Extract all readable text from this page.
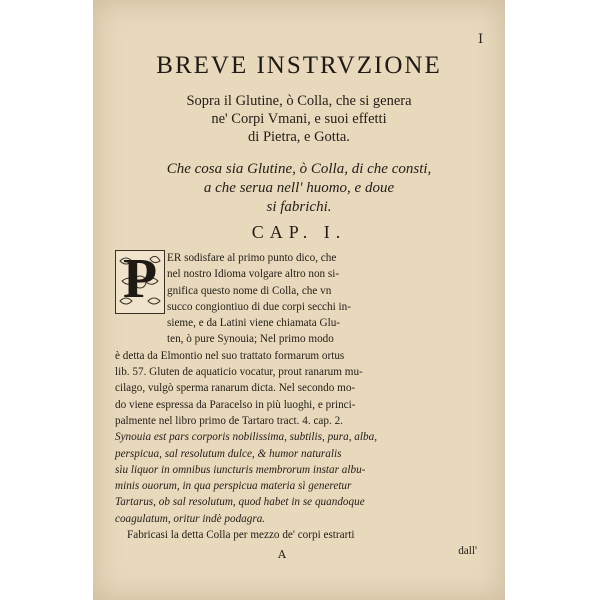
I
BREVE INSTRVZIONE
Sopra il Glutine, ò Colla, che si genera
ne' Corpi Vmani, e suoi effetti
di Pietra, e Gotta.
Che cosa sia Glutine, ò Colla, di che consti,
a che serua nell' huomo, e doue
si fabrichi.
CAP. I.
ER sodisfare al primo punto dico, che
nel nostro Idioma volgare altro non si-
gnifica questo nome di Colla, che vn
succo congiontiuo di due corpi secchi in-
sieme, e da Latini viene chiamata Glu-
ten, ò pure Synouia; Nel primo modo
è detta da Elmontio nel suo trattato formarum ortus
lib. 57. Gluten de aquaticio vocatur, prout ranarum mu-
cilago, vulgò sperma ranarum dicta. Nel secondo mo-
do viene espressa da Paracelso in più luoghi, e princi-
palmente nel libro primo de Tartaro tract. 4. cap. 2.
Synouia est pars corporis nobilissima, subtilis, pura, alba,
perspicua, sal resolutum dulce, & humor naturalis
sìu liquor in omnibus iuncturis membrorum instar albu-
minis ouorum, in qua perspicua materia sì generetur
Tartarus, ob sal resolutum, quod habet in se quandoque
coagulatum, oritur indè podagra.
Fabricasi la detta Colla per mezzo de' corpi estrarti
dall'
P
A
